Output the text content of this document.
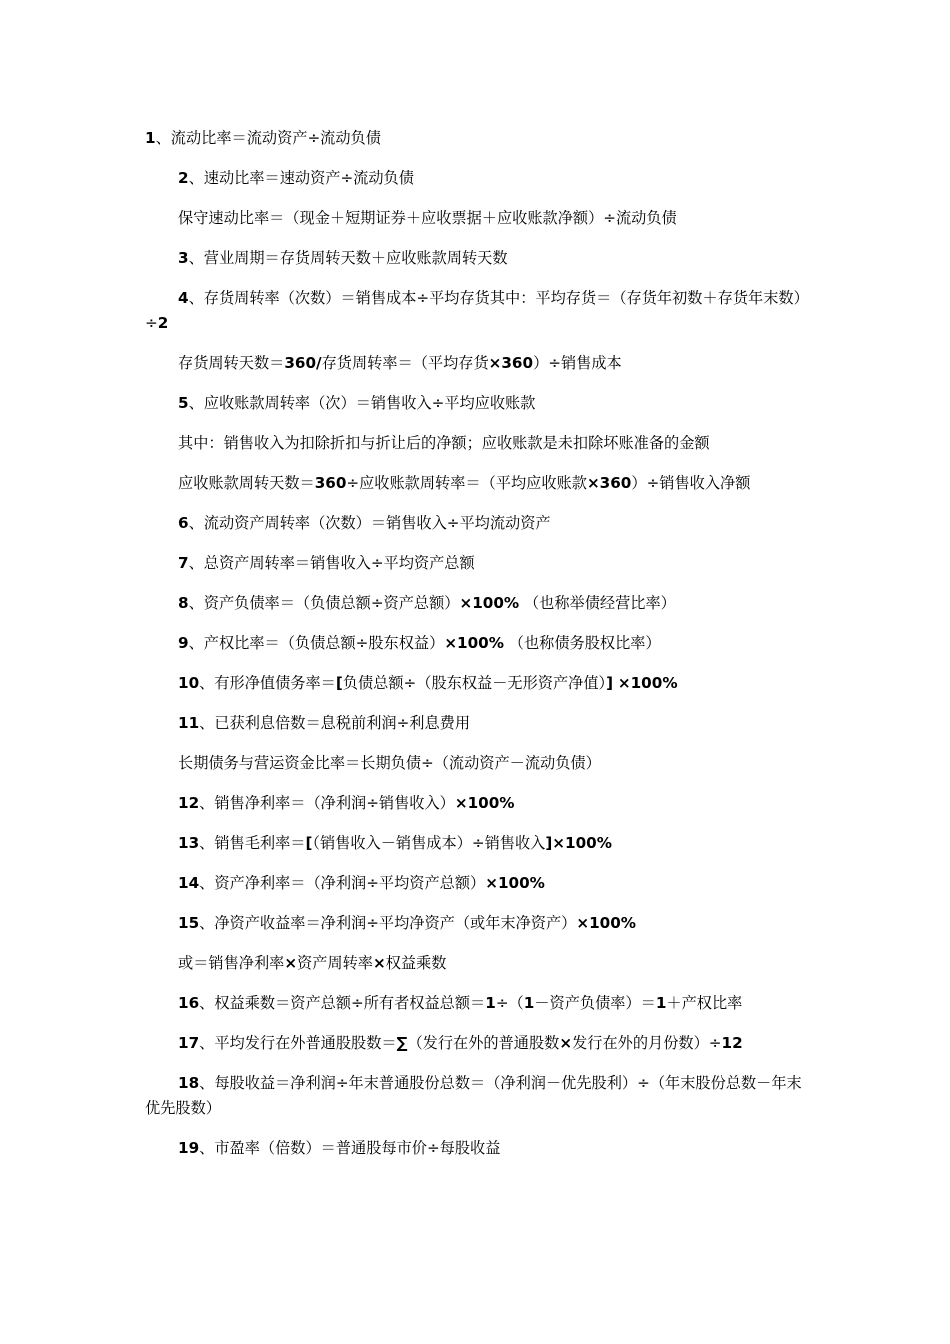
1、流动比率＝流动资产÷流动负债

2、速动比率＝速动资产÷流动负债

保守速动比率＝（现金＋短期证券＋应收票据＋应收账款净额）÷流动负债

3、营业周期＝存货周转天数＋应收账款周转天数

4、存货周转率（次数）＝销售成本÷平均存货其中：平均存货＝（存货年初数＋存货年末数）÷2

存货周转天数＝360/存货周转率＝（平均存货×360）÷销售成本

5、应收账款周转率（次）＝销售收入÷平均应收账款

其中：销售收入为扣除折扣与折让后的净额；应收账款是未扣除坏账准备的金额

应收账款周转天数＝360÷应收账款周转率＝（平均应收账款×360）÷销售收入净额

6、流动资产周转率（次数）＝销售收入÷平均流动资产

7、总资产周转率＝销售收入÷平均资产总额

8、资产负债率＝（负债总额÷资产总额）×100% （也称举债经营比率）

9、产权比率＝（负债总额÷股东权益）×100% （也称债务股权比率）

10、有形净值债务率＝[负债总额÷（股东权益－无形资产净值）] ×100%

11、已获利息倍数＝息税前利润÷利息费用

长期债务与营运资金比率＝长期负债÷（流动资产－流动负债）

12、销售净利率＝（净利润÷销售收入）×100%

13、销售毛利率＝[（销售收入－销售成本）÷销售收入]×100%

14、资产净利率＝（净利润÷平均资产总额）×100%

15、净资产收益率＝净利润÷平均净资产（或年末净资产）×100%

或＝销售净利率×资产周转率×权益乘数

16、权益乘数＝资产总额÷所有者权益总额＝1÷（1－资产负债率）＝1＋产权比率

17、平均发行在外普通股股数＝∑（发行在外的普通股数×发行在外的月份数）÷12

18、每股收益＝净利润÷年末普通股份总数＝（净利润－优先股利）÷（年末股份总数－年末优先股数）

19、市盈率（倍数）＝普通股每市价÷每股收益
